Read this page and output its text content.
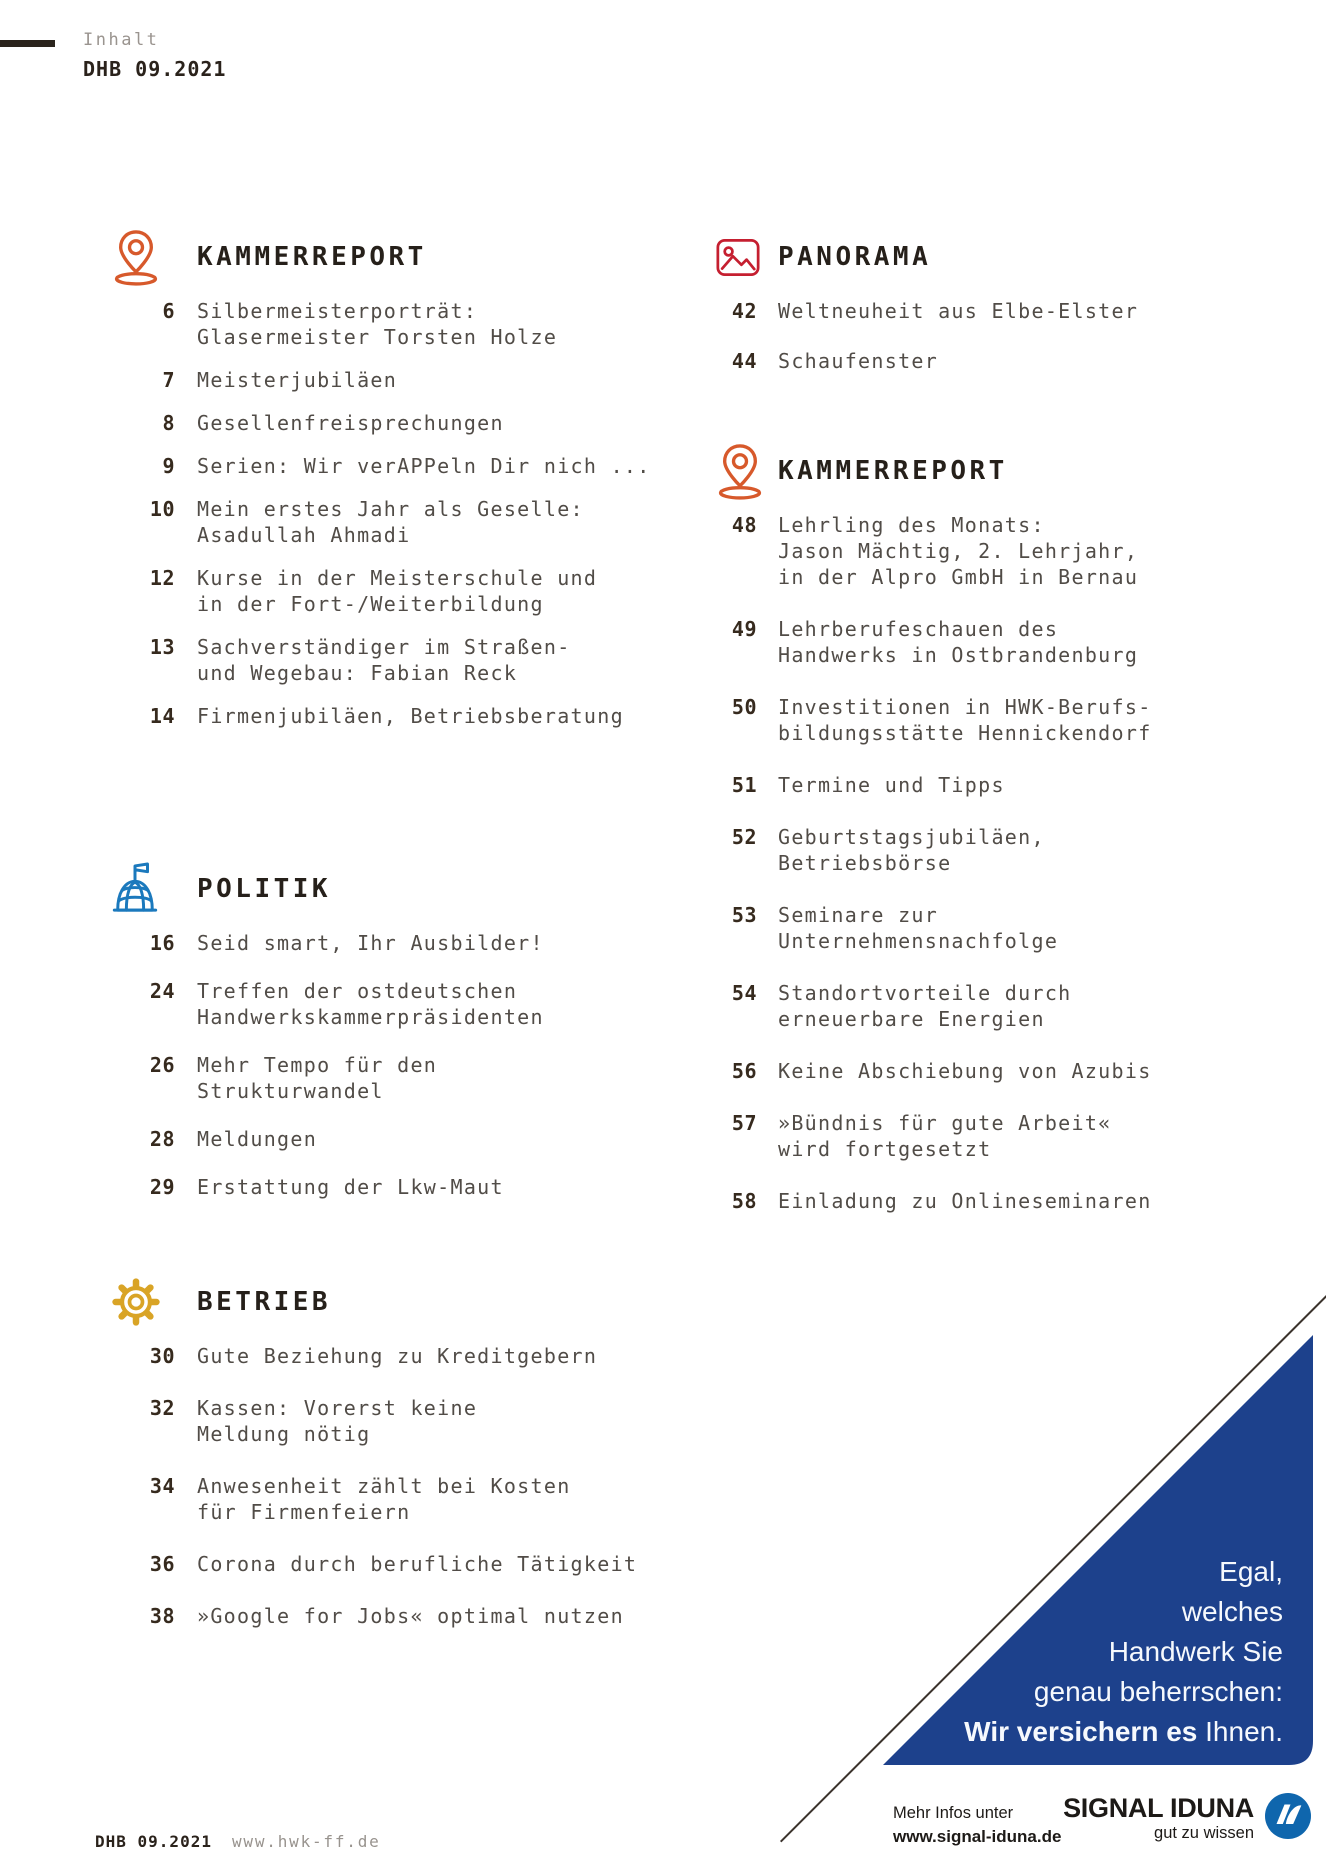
Inhalt
DHB 09.2021
KAMMERREPORT
6 Silbermeisterporträt:
Glasermeister Torsten Holze
7 Meisterjubiläen
8 Gesellenfreisprechungen
9 Serien: Wir verAPPeln Dir nich ...
10 Mein erstes Jahr als Geselle:
Asadullah Ahmadi
12 Kurse in der Meisterschule und
in der Fort-/Weiterbildung
13 Sachverständiger im Straßen-
und Wegebau: Fabian Reck
14 Firmenjubiläen, Betriebsberatung
POLITIK
16 Seid smart, Ihr Ausbilder!
24 Treffen der ostdeutschen
Handwerkskammerpräsidenten
26 Mehr Tempo für den
Strukturwandel
28 Meldungen
29 Erstattung der Lkw-Maut
BETRIEB
30 Gute Beziehung zu Kreditgebern
32 Kassen: Vorerst keine
Meldung nötig
34 Anwesenheit zählt bei Kosten
für Firmenfeiern
36 Corona durch berufliche Tätigkeit
38 »Google for Jobs« optimal nutzen
PANORAMA
42 Weltneuheit aus Elbe-Elster
44 Schaufenster
KAMMERREPORT
48 Lehrling des Monats:
Jason Mächtig, 2. Lehrjahr,
in der Alpro GmbH in Bernau
49 Lehrberufeschauen des
Handwerks in Ostbrandenburg
50 Investitionen in HWK-Berufs-
bildungsstätte Hennickendorf
51 Termine und Tipps
52 Geburtstagsjubiläen,
Betriebsbörse
53 Seminare zur
Unternehmensnachfolge
54 Standortvorteile durch
erneuerbare Energien
56 Keine Abschiebung von Azubis
57 »Bündnis für gute Arbeit«
wird fortgesetzt
58 Einladung zu Onlineseminaren
Egal,
welches
Handwerk Sie
genau beherrschen:
Wir versichern es Ihnen.
Mehr Infos unter
www.signal-iduna.de
SIGNAL IDUNA
gut zu wissen
DHB 09.2021 www.hwk-ff.de
